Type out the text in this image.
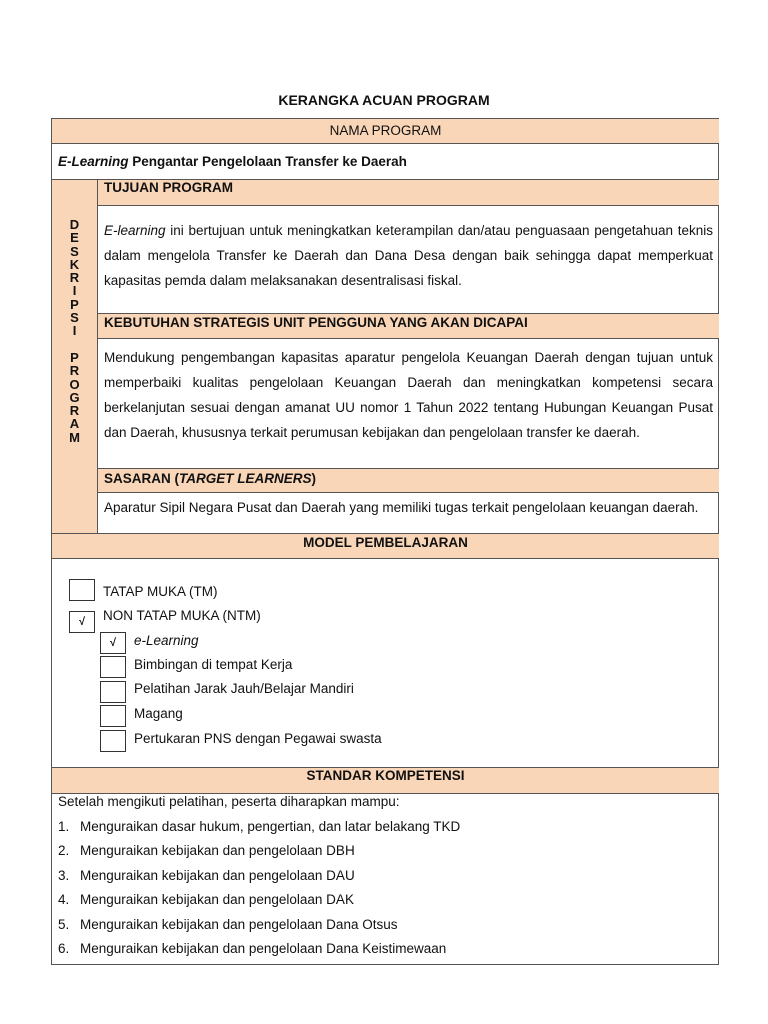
KERANGKA ACUAN PROGRAM
NAMA PROGRAM
E-Learning Pengantar Pengelolaan Transfer ke Daerah
D
E
S
K
R
I
P
S
I
P
R
O
G
R
A
M
TUJUAN PROGRAM
E-learning ini bertujuan untuk meningkatkan keterampilan dan/atau penguasaan pengetahuan teknis dalam mengelola Transfer ke Daerah dan Dana Desa dengan baik sehingga dapat memperkuat kapasitas pemda dalam melaksanakan desentralisasi fiskal.
KEBUTUHAN STRATEGIS UNIT PENGGUNA YANG AKAN DICAPAI
Mendukung pengembangan kapasitas aparatur pengelola Keuangan Daerah dengan tujuan untuk memperbaiki kualitas pengelolaan Keuangan Daerah dan meningkatkan kompetensi secara berkelanjutan sesuai dengan amanat UU nomor 1 Tahun 2022 tentang Hubungan Keuangan Pusat dan Daerah, khususnya terkait perumusan kebijakan dan pengelolaan transfer ke daerah.
SASARAN (TARGET LEARNERS)
Aparatur Sipil Negara Pusat dan Daerah yang memiliki tugas terkait pengelolaan keuangan daerah.
MODEL PEMBELAJARAN
TATAP MUKA (TM)
√	NON TATAP MUKA (NTM)
√	e-Learning
Bimbingan di tempat Kerja
Pelatihan Jarak Jauh/Belajar Mandiri
Magang
Pertukaran PNS dengan Pegawai swasta
STANDAR KOMPETENSI
Setelah mengikuti pelatihan, peserta diharapkan mampu:
1. Menguraikan dasar hukum, pengertian, dan latar belakang TKD
2. Menguraikan kebijakan dan pengelolaan DBH
3. Menguraikan kebijakan dan pengelolaan DAU
4. Menguraikan kebijakan dan pengelolaan DAK
5. Menguraikan kebijakan dan pengelolaan Dana Otsus
6. Menguraikan kebijakan dan pengelolaan Dana Keistimewaan
